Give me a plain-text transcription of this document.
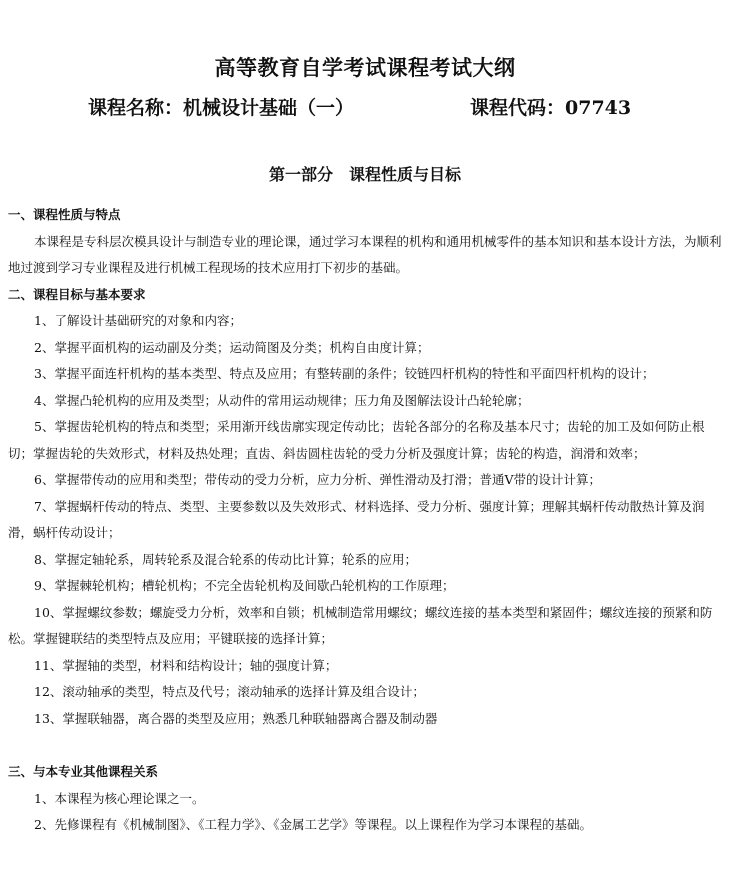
高等教育自学考试课程考试大纲
课程名称：机械设计基础（一）	课程代码：07743
第一部分　课程性质与目标

一、课程性质与特点

本课程是专科层次模具设计与制造专业的理论课，通过学习本课程的机构和通用机械零件的基本知识和基本设计方法，为顺利地过渡到学习专业课程及进行机械工程现场的技术应用打下初步的基础。

二、课程目标与基本要求

1、了解设计基础研究的对象和内容；

2、掌握平面机构的运动副及分类；运动简图及分类；机构自由度计算；

3、掌握平面连杆机构的基本类型、特点及应用；有整转副的条件；铰链四杆机构的特性和平面四杆机构的设计；

4、掌握凸轮机构的应用及类型；从动件的常用运动规律；压力角及图解法设计凸轮轮廓；

5、掌握齿轮机构的特点和类型；采用渐开线齿廓实现定传动比；齿轮各部分的名称及基本尺寸；齿轮的加工及如何防止根切；掌握齿轮的失效形式，材料及热处理；直齿、斜齿圆柱齿轮的受力分析及强度计算；齿轮的构造，润滑和效率；

6、掌握带传动的应用和类型；带传动的受力分析，应力分析、弹性滑动及打滑；普通V带的设计计算；

7、掌握蜗杆传动的特点、类型、主要参数以及失效形式、材料选择、受力分析、强度计算；理解其蜗杆传动散热计算及润滑，蜗杆传动设计；

8、掌握定轴轮系，周转轮系及混合轮系的传动比计算；轮系的应用；

9、掌握棘轮机构；槽轮机构；不完全齿轮机构及间歇凸轮机构的工作原理；

10、掌握螺纹参数；螺旋受力分析，效率和自锁；机械制造常用螺纹；螺纹连接的基本类型和紧固件；螺纹连接的预紧和防松。掌握键联结的类型特点及应用；平键联接的选择计算；

11、掌握轴的类型，材料和结构设计；轴的强度计算；

12、滚动轴承的类型，特点及代号；滚动轴承的选择计算及组合设计；

13、掌握联轴器，离合器的类型及应用；熟悉几种联轴器离合器及制动器

三、与本专业其他课程关系

1、本课程为核心理论课之一。

2、先修课程有《机械制图》、《工程力学》、《金属工艺学》等课程。以上课程作为学习本课程的基础。
